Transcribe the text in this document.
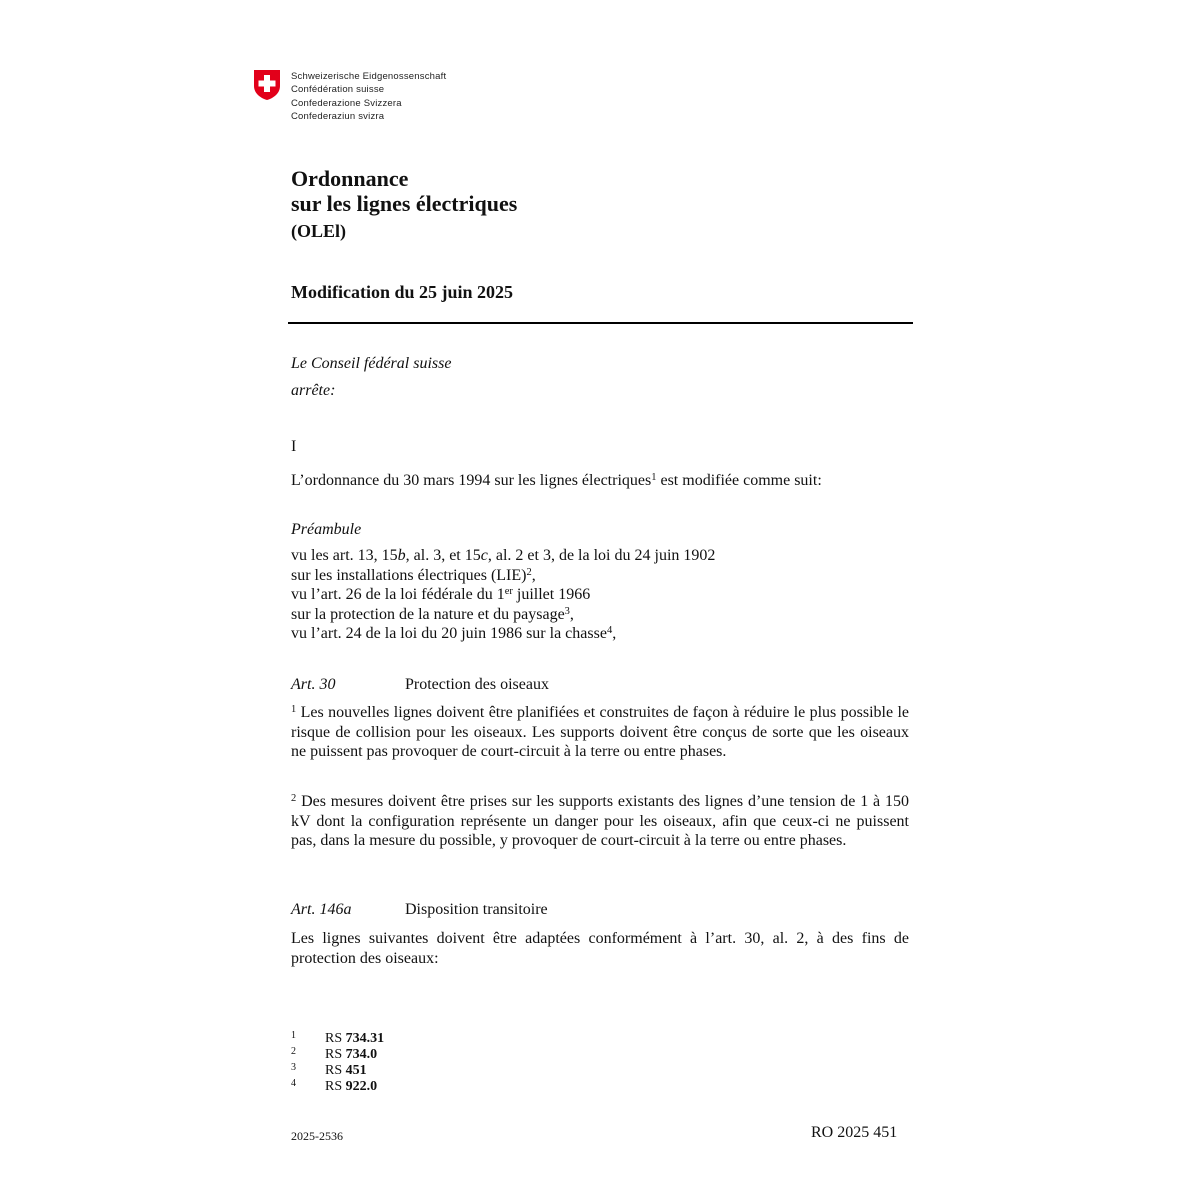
Schweizerische Eidgenossenschaft
Confédération suisse
Confederazione Svizzera
Confederaziun svizra
Ordonnance
sur les lignes électriques
(OLEl)
Modification du 25 juin 2025
Le Conseil fédéral suisse
arrête:
I
L’ordonnance du 30 mars 1994 sur les lignes électriques$^1$ est modifiée comme suit:
Préambule
vu les art. 13, 15b, al. 3, et 15c, al. 2 et 3, de la loi du 24 juin 1902
sur les installations électriques (LIE)$^2$,
vu l’art. 26 de la loi fédérale du 1er juillet 1966
sur la protection de la nature et du paysage$^3$,
vu l’art. 24 de la loi du 20 juin 1986 sur la chasse$^4$,
Art. 30	Protection des oiseaux
$^1$ Les nouvelles lignes doivent être planifiées et construites de façon à réduire le plus possible le risque de collision pour les oiseaux. Les supports doivent être conçus de sorte que les oiseaux ne puissent pas provoquer de court-circuit à la terre ou entre phases.
$^2$ Des mesures doivent être prises sur les supports existants des lignes d’une tension de 1 à 150 kV dont la configuration représente un danger pour les oiseaux, afin que ceux-ci ne puissent pas, dans la mesure du possible, y provoquer de court-circuit à la terre ou entre phases.
Art. 146a	Disposition transitoire
Les lignes suivantes doivent être adaptées conformément à l’art. 30, al. 2, à des fins de protection des oiseaux:
1 RS 734.31
2 RS 734.0
3 RS 451
4 RS 922.0
2025-2536	RO 2025 451
